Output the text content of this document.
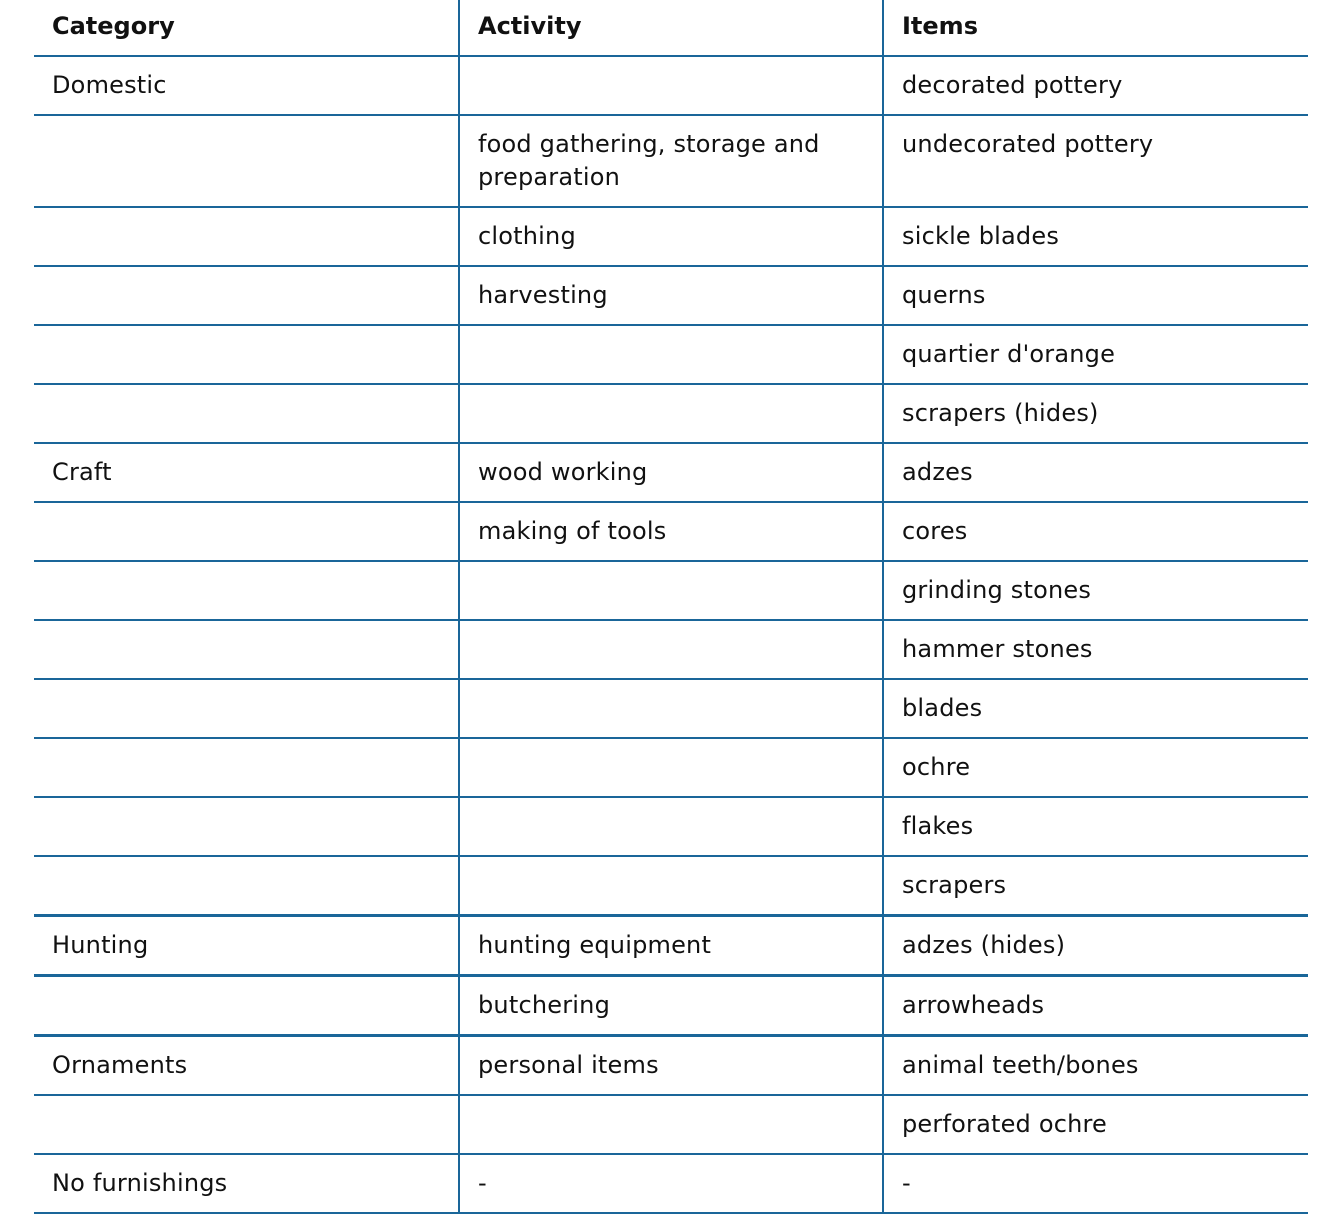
Category	Activity	Items
Domestic		decorated pottery
	food gathering, storage and preparation	undecorated pottery
	clothing	sickle blades
	harvesting	querns
		quartier d'orange
		scrapers (hides)
Craft	wood working	adzes
	making of tools	cores
		grinding stones
		hammer stones
		blades
		ochre
		flakes
		scrapers
Hunting	hunting equipment	adzes (hides)
	butchering	arrowheads
Ornaments	personal items	animal teeth/bones
		perforated ochre
No furnishings	-	-
